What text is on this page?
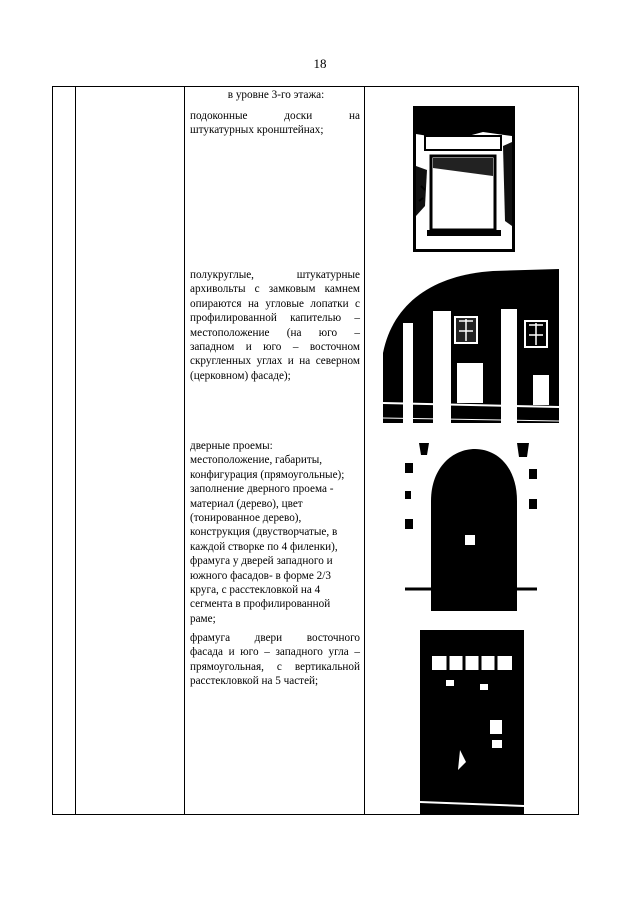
18
в уровне 3-го этажа:
подоконные доски на
штукатурных кронштейнах;
полукруглые, штукатурные
архивольты с замковым камнем
опираются на угловые лопатки с
профилированной капителью –
местоположение (на юго –
западном и юго – восточном
скругленных углах и на северном
(церковном) фасаде);
дверные проемы:
местоположение, габариты,
конфигурация (прямоугольные);
заполнение дверного проема -
материал (дерево), цвет
(тонированное дерево),
конструкция (двустворчатые, в
каждой створке по 4 филенки),
фрамуга у дверей западного и
южного фасадов- в форме 2/3
круга, с расстекловкой на 4
сегмента в профилированной
раме;
фрамуга двери восточного
фасада и юго – западного угла –
прямоугольная, с вертикальной
расстекловкой на 5 частей;
